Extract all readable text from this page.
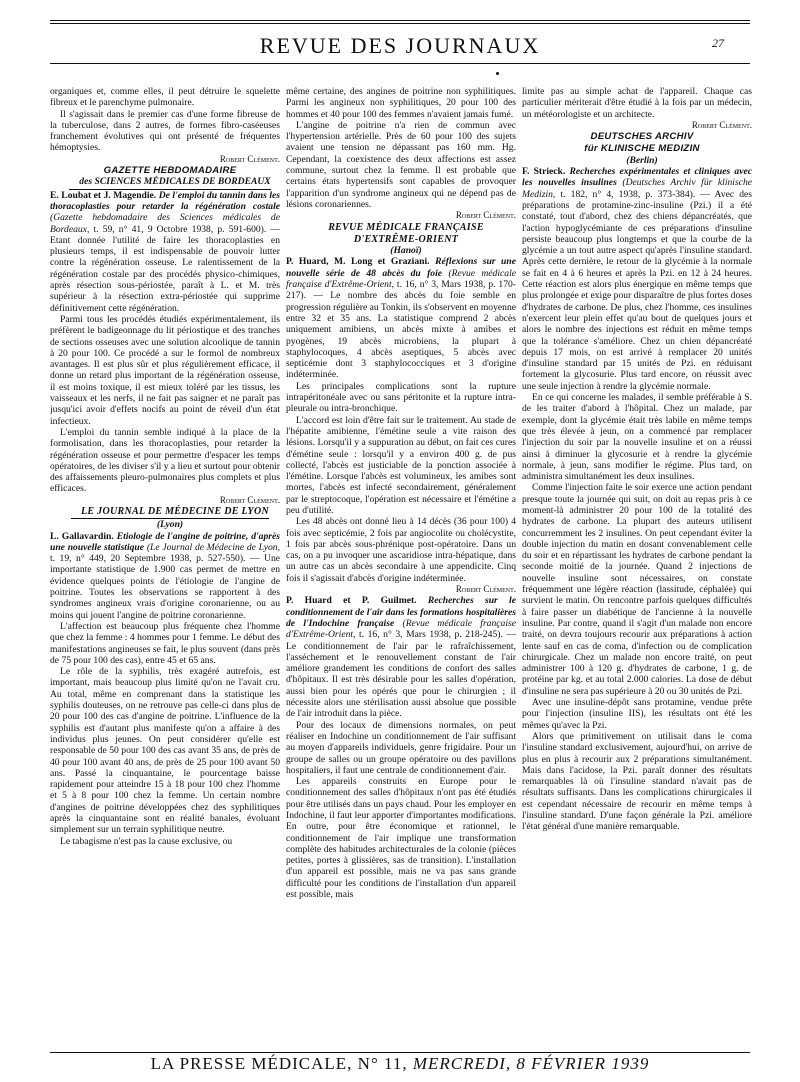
REVUE DES JOURNAUX	27

organiques et, comme elles, il peut détruire le squelette fibreux et le parenchyme pulmonaire.

Il s'agissait dans le premier cas d'une forme fibreuse de la tuberculose, dans 2 autres, de formes fibro-caséeuses franchement évolutives qui ont présenté de fréquentes hémoptysies.

Robert Clément.

GAZETTE HEBDOMADAIRE

des SCIENCES MÉDICALES DE BORDEAUX

E. Loubat et J. Magendie. De l'emploi du tannin dans les thoracoplasties pour retarder la régénération costale (Gazette hebdomadaire des Sciences médicales de Bordeaux, t. 59, n° 41, 9 Octobre 1938, p. 591-600). — Etant donnée l'utilité de faire les thoracoplasties en plusieurs temps, il est indispensable de pouvoir lutter contre la régénération osseuse. Le ralentissement de la régénération costale par des procédés physico-chimiques, après résection sous-périostée, paraît à L. et M. très supérieur à la résection extra-périostée qui supprime définitivement cette régénération.

Parmi tous les procédés étudiés expérimentalement, ils préfèrent le badigeonnage du lit périostique et des tranches de sections osseuses avec une solution alcoolique de tannin à 20 pour 100. Ce procédé a sur le formol de nombreux avantages. Il est plus sûr et plus régulièrement efficace, il donne un retard plus important de la régénération osseuse, il est moins toxique, il est mieux toléré par les tissus, les vaisseaux et les nerfs, il ne fait pas saigner et ne paraît pas jusqu'ici avoir d'effets nocifs au point de réveil d'un état infectieux.

L'emploi du tannin semble indiqué à la place de la formolisation, dans les thoracoplasties, pour retarder la régénération osseuse et pour permettre d'espacer les temps opératoires, de les diviser s'il y a lieu et surtout pour obtenir des affaissements pleuro-pulmonaires plus complets et plus efficaces.

Robert Clément.

LE JOURNAL DE MÉDECINE DE LYON

(Lyon)

L. Gallavardin. Etiologie de l'angine de poitrine, d'après une nouvelle statistique (Le Journal de Médecine de Lyon, t. 19, n° 449, 20 Septembre 1938, p. 527-550). — Une importante statistique de 1.900 cas permet de mettre en évidence quelques points de l'étiologie de l'angine de poitrine. Toutes les observations se rapportent à des syndromes angineux vrais d'origine coronarienne, ou au moins qui jouent l'angine de poitrine coronarienne.

L'affection est beaucoup plus fréquente chez l'homme que chez la femme : 4 hommes pour 1 femme. Le début des manifestations angineuses se fait, le plus souvent (dans près de 75 pour 100 des cas), entre 45 et 65 ans.

Le rôle de la syphilis, très exagéré autrefois, est important, mais beaucoup plus limité qu'on ne l'avait cru. Au total, même en comprenant dans la statistique les syphilis douteuses, on ne retrouve pas celle-ci dans plus de 20 pour 100 des cas d'angine de poitrine. L'influence de la syphilis est d'autant plus manifeste qu'on a affaire à des individus plus jeunes. On peut considérer qu'elle est responsable de 50 pour 100 des cas avant 35 ans, de près de 40 pour 100 avant 40 ans, de près de 25 pour 100 avant 50 ans. Passé la cinquantaine, le pourcentage baisse rapidement pour atteindre 15 à 18 pour 100 chez l'homme et 5 à 8 pour 100 chez la femme. Un certain nombre d'angines de poitrine développées chez des syphilitiques après la cinquantaine sont en réalité banales, évoluant simplement sur un terrain syphilitique neutre.

Le tabagisme n'est pas la cause exclusive, ou

même certaine, des angines de poitrine non syphilitiques. Parmi les angineux non syphilitiques, 20 pour 100 des hommes et 40 pour 100 des femmes n'avaient jamais fumé.

L'angine de poitrine n'a rien de commun avec l'hypertension artérielle. Près de 60 pour 100 des sujets avaient une tension ne dépassant pas 160 mm. Hg. Cependant, la coexistence des deux affections est assez commune, surtout chez la femme. Il est probable que certains états hypertensifs sont capables de provoquer l'apparition d'un syndrome angineux qui ne dépend pas de lésions coronariennes.

Robert Clément.

REVUE MÉDICALE FRANÇAISE

D'EXTRÊME-ORIENT

(Hanoï)

P. Huard, M. Long et Graziani. Réflexions sur une nouvelle série de 48 abcès du foie (Revue médicale française d'Extrême-Orient, t. 16, n° 3, Mars 1938, p. 170-217). — Le nombre des abcès du foie semble en progression régulière au Tonkin, ils s'observent en moyenne entre 32 et 35 ans. La statistique comprend 2 abcès uniquement amibiens, un abcès mixte à amibes et pyogènes, 19 abcès microbiens, la plupart à staphylocoques, 4 abcès aseptiques, 5 abcès avec septicémie dont 3 staphylococciques et 3 d'origine indéterminée.

Les principales complications sont la rupture intrapéritonéale avec ou sans péritonite et la rupture intra-pleurale ou intra-bronchique.

L'accord est loin d'être fait sur le traitement. Au stade de l'hépatite amibienne, l'émétine seule a vite raison des lésions. Lorsqu'il y a suppuration au début, on fait ces cures d'émétine seule : lorsqu'il y a environ 400 g. de pus collecté, l'abcès est justiciable de la ponction associée à l'émétine. Lorsque l'abcès est volumineux, les amibes sont mortes, l'abcès est infecté secondairement, généralement par le streptocoque, l'opération est nécessaire et l'émétine a peu d'utilité.

Les 48 abcès ont donné lieu à 14 décès (36 pour 100) 4 fois avec septicémie, 2 fois par angiocolite ou cholécystite, 1 fois par abcès sous-phrénique post-opératoire. Dans un cas, on a pu invoquer une ascaridiose intra-hépatique, dans un autre cas un abcès secondaire à une appendicite. Cinq fois il s'agissait d'abcès d'origine indéterminée.

Robert Clément.

P. Huard et P. Guilmet. Recherches sur le conditionnement de l'air dans les formations hospitalières de l'Indochine française (Revue médicale française d'Extrême-Orient, t. 16, n° 3, Mars 1938, p. 218-245). — Le conditionnement de l'air par le rafraîchissement, l'asséchement et le renouvellement constant de l'air améliore grandement les conditions de confort des salles d'hôpitaux. Il est très désirable pour les salles d'opération, aussi bien pour les opérés que pour le chirurgien ; il nécessite alors une stérilisation aussi absolue que possible de l'air introduit dans la pièce.

Pour des locaux de dimensions normales, on peut réaliser en Indochine un conditionnement de l'air suffisant au moyen d'appareils individuels, genre frigidaire. Pour un groupe de salles ou un groupe opératoire ou des pavillons hospitaliers, il faut une centrale de conditionnement d'air.

Les appareils construits en Europe pour le conditionnement des salles d'hôpitaux n'ont pas été étudiés pour être utilisés dans un pays chaud. Pour les employer en Indochine, il faut leur apporter d'importantes modifications. En outre, pour être économique et rationnel, le conditionnement de l'air implique une transformation complète des habitudes architecturales de la colonie (pièces petites, portes à glissières, sas de transition). L'installation d'un appareil est possible, mais ne va pas sans grande difficulté pour les conditions de l'installation d'un appareil est possible, mais

limite pas au simple achat de l'appareil. Chaque cas particulier mériterait d'être étudié à la fois par un médecin, un météorologiste et un architecte.

Robert Clément.

DEUTSCHES ARCHIV

für KLINISCHE MEDIZIN

(Berlin)

F. Strieck. Recherches expérimentales et cliniques avec les nouvelles insulines (Deutsches Archiv für klinische Medizin, t. 182, n° 4, 1938, p. 373-384). — Avec des préparations de protamine-zinc-insuline (Pzi.) il a été constaté, tout d'abord, chez des chiens dépancréatés, que l'action hypoglycémiante de ces préparations d'insuline persiste beaucoup plus longtemps et que la courbe de la glycémie a un tout autre aspect qu'après l'insuline standard. Après cette dernière, le retour de la glycémie à la normale se fait en 4 à 6 heures et après la Pzi. en 12 à 24 heures. Cette réaction est alors plus énergique en même temps que plus prolongée et exige pour disparaître de plus fortes doses d'hydrates de carbone. De plus, chez l'homme, ces insulines n'exercent leur plein effet qu'au bout de quelques jours et alors le nombre des injections est réduit en même temps que la tolérance s'améliore. Chez un chien dépancréaté depuis 17 mois, on est arrivé à remplacer 20 unités d'insuline standard par 15 unités de Pzi. en réduisant fortement la glycosurie. Plus tard encore, on réussit avec une seule injection à rendre la glycémie normale.

En ce qui concerne les malades, il semble préférable à S. de les traiter d'abord à l'hôpital. Chez un malade, par exemple, dont la glycémie était très labile en même temps que très élevée à jeun, on a commencé par remplacer l'injection du soir par la nouvelle insuline et on a réussi ainsi à diminuer la glycosurie et à rendre la glycémie normale, à jeun, sans modifier le régime. Plus tard, on administra simultanément les deux insulines.

Comme l'injection faite le soir exerce une action pendant presque toute la journée qui suit, on doit au repas pris à ce moment-là administrer 20 pour 100 de la totalité des hydrates de carbone. La plupart des auteurs utilisent concurremment les 2 insulines. On peut cependant éviter la double injection du matin en dosant convenablement celle du soir et en répartissant les hydrates de carbone pendant la seconde moitié de la journée. Quand 2 injections de nouvelle insuline sont nécessaires, on constate fréquemment une légère réaction (lassitude, céphalée) qui survient le matin. On rencontre parfois quelques difficultés à faire passer un diabétique de l'ancienne à la nouvelle insuline. Par contre, quand il s'agit d'un malade non encore traité, on devra toujours recourir aux préparations à action lente sauf en cas de coma, d'infection ou de complication chirurgicale. Chez un malade non encore traité, on peut administrer 100 à 120 g. d'hydrates de carbone, 1 g. de protéine par kg. et au total 2.000 calories. La dose de début d'insuline ne sera pas supérieure à 20 ou 30 unités de Pzi.

Avec une insuline-dépôt sans protamine, vendue prête pour l'injection (insuline IIS), les résultats ont été les mêmes qu'avec la Pzi.

Alors que primitivement on utilisait dans le coma l'insuline standard exclusivement, aujourd'hui, on arrive de plus en plus à recourir aux 2 préparations simultanément. Mais dans l'acidose, la Pzi. paraît donner des résultats remarquables là où l'insuline standard n'avait pas de résultats suffisants. Dans les complications chirurgicales il est cependant nécessaire de recourir en même temps à l'insuline standard. D'une façon générale la Pzi. améliore l'état général d'une manière remarquable.

LA PRESSE MÉDICALE, N° 11, MERCREDI, 8 FÉVRIER 1939
